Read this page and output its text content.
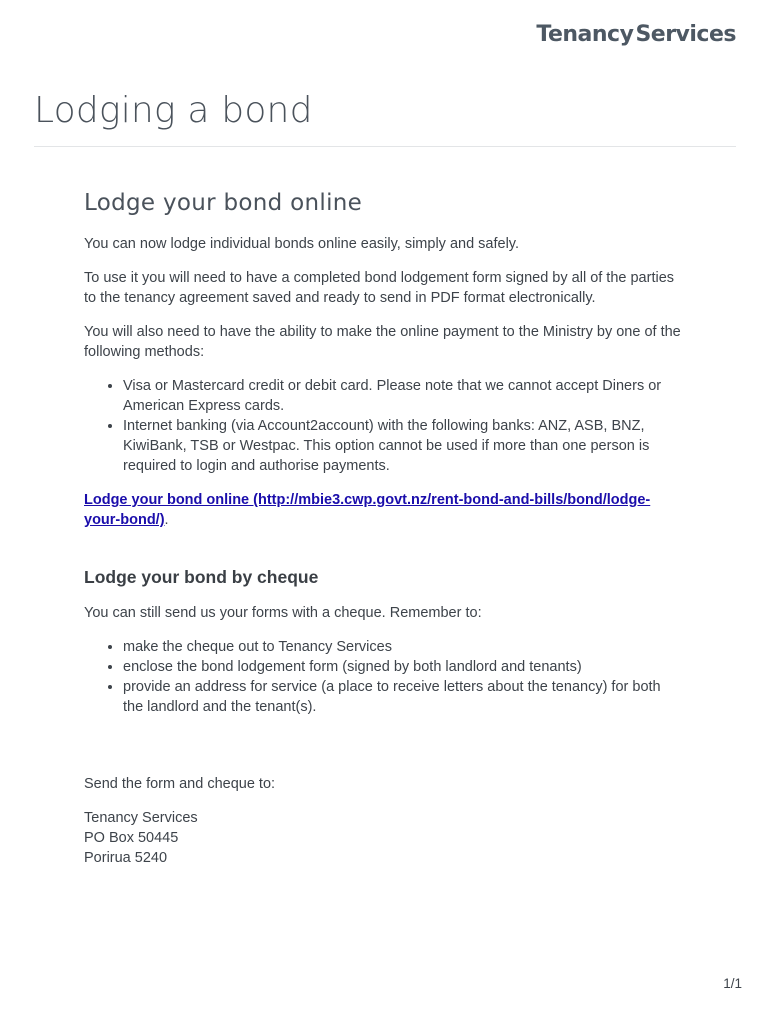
TenancyServices
Lodging a bond
Lodge your bond online

You can now lodge individual bonds online easily, simply and safely.

To use it you will need to have a completed bond lodgement form signed by all of the parties to the tenancy agreement saved and ready to send in PDF format electronically.

You will also need to have the ability to make the online payment to the Ministry by one of the following methods:

• Visa or Mastercard credit or debit card. Please note that we cannot accept Diners or American Express cards.
• Internet banking (via Account2account) with the following banks: ANZ, ASB, BNZ, KiwiBank, TSB or Westpac. This option cannot be used if more than one person is required to login and authorise payments.

Lodge your bond online (http://mbie3.cwp.govt.nz/rent-bond-and-bills/bond/lodge-your-bond/).

Lodge your bond by cheque

You can still send us your forms with a cheque. Remember to:

• make the cheque out to Tenancy Services
• enclose the bond lodgement form (signed by both landlord and tenants)
• provide an address for service (a place to receive letters about the tenancy) for both the landlord and the tenant(s).

Send the form and cheque to:

Tenancy Services

PO Box 50445

Porirua 5240

1/1
